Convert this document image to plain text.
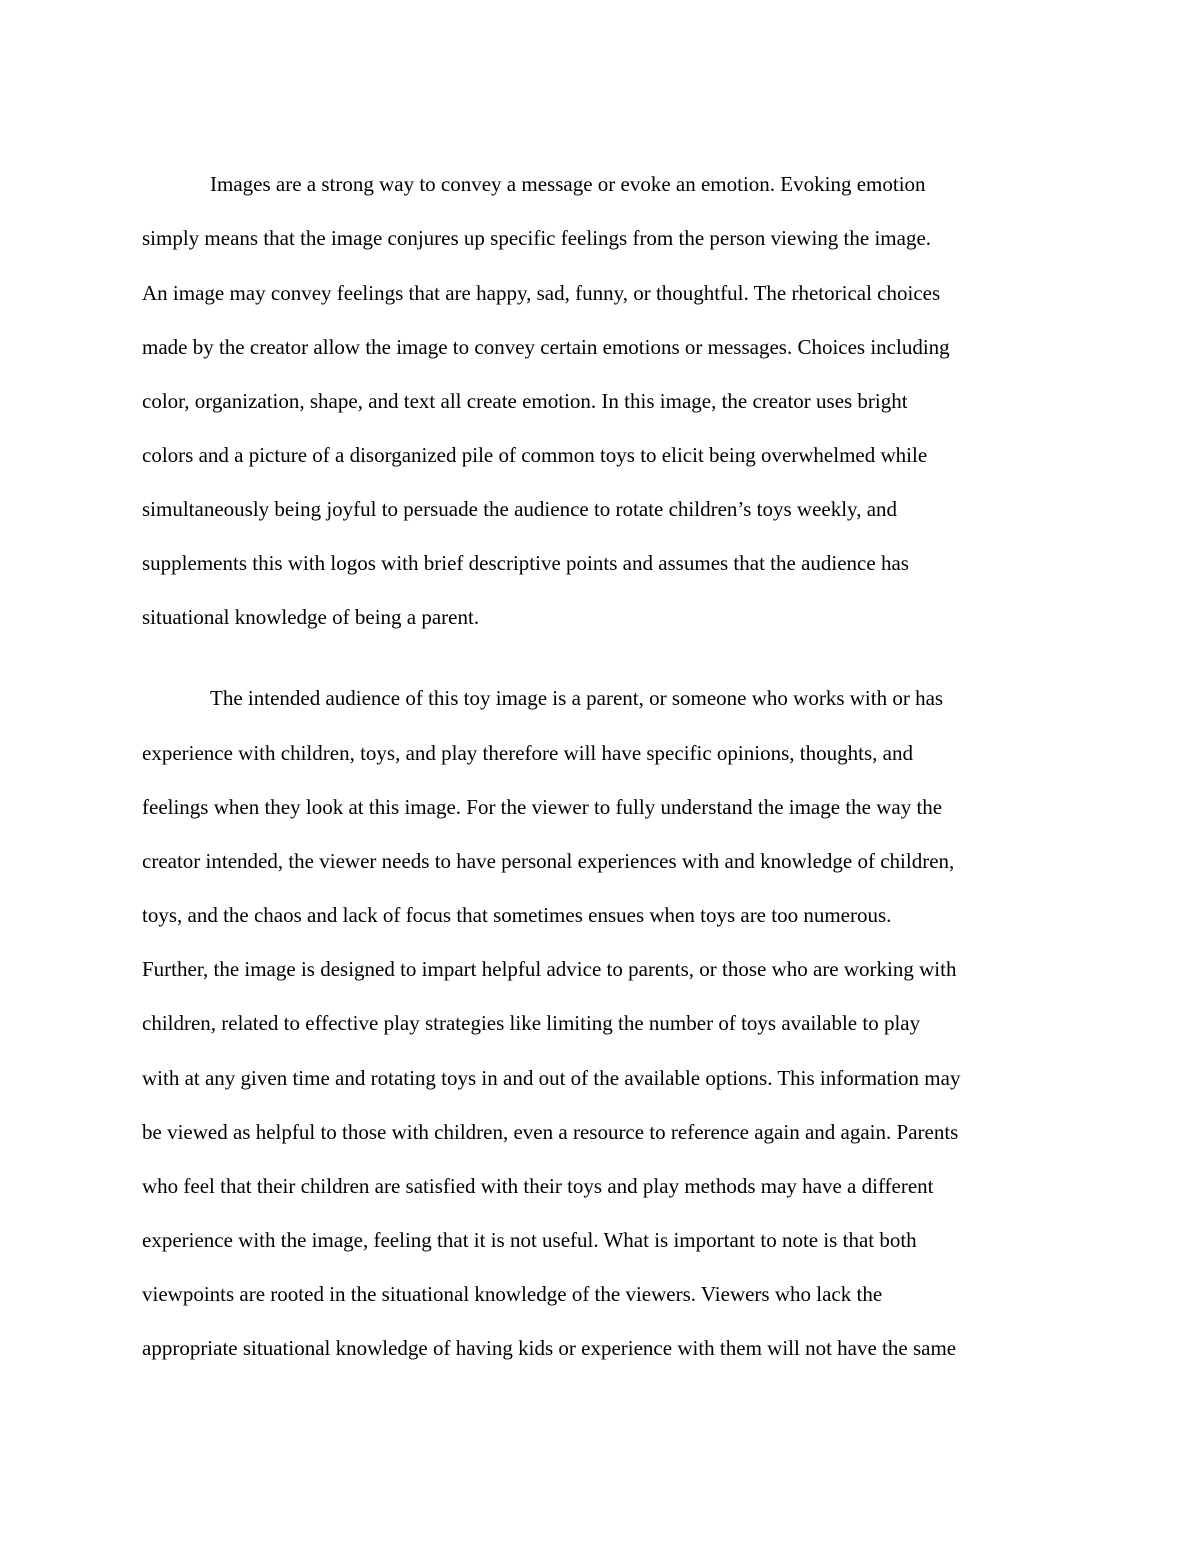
Images are a strong way to convey a message or evoke an emotion. Evoking emotion

simply means that the image conjures up specific feelings from the person viewing the image.

An image may convey feelings that are happy, sad, funny, or thoughtful. The rhetorical choices

made by the creator allow the image to convey certain emotions or messages. Choices including

color, organization, shape, and text all create emotion. In this image, the creator uses bright

colors and a picture of a disorganized pile of common toys to elicit being overwhelmed while

simultaneously being joyful to persuade the audience to rotate children’s toys weekly, and

supplements this with logos with brief descriptive points and assumes that the audience has

situational knowledge of being a parent.

The intended audience of this toy image is a parent, or someone who works with or has

experience with children, toys, and play therefore will have specific opinions, thoughts, and

feelings when they look at this image. For the viewer to fully understand the image the way the

creator intended, the viewer needs to have personal experiences with and knowledge of children,

toys, and the chaos and lack of focus that sometimes ensues when toys are too numerous.

Further, the image is designed to impart helpful advice to parents, or those who are working with

children, related to effective play strategies like limiting the number of toys available to play

with at any given time and rotating toys in and out of the available options. This information may

be viewed as helpful to those with children, even a resource to reference again and again. Parents

who feel that their children are satisfied with their toys and play methods may have a different

experience with the image, feeling that it is not useful. What is important to note is that both

viewpoints are rooted in the situational knowledge of the viewers. Viewers who lack the

appropriate situational knowledge of having kids or experience with them will not have the same
